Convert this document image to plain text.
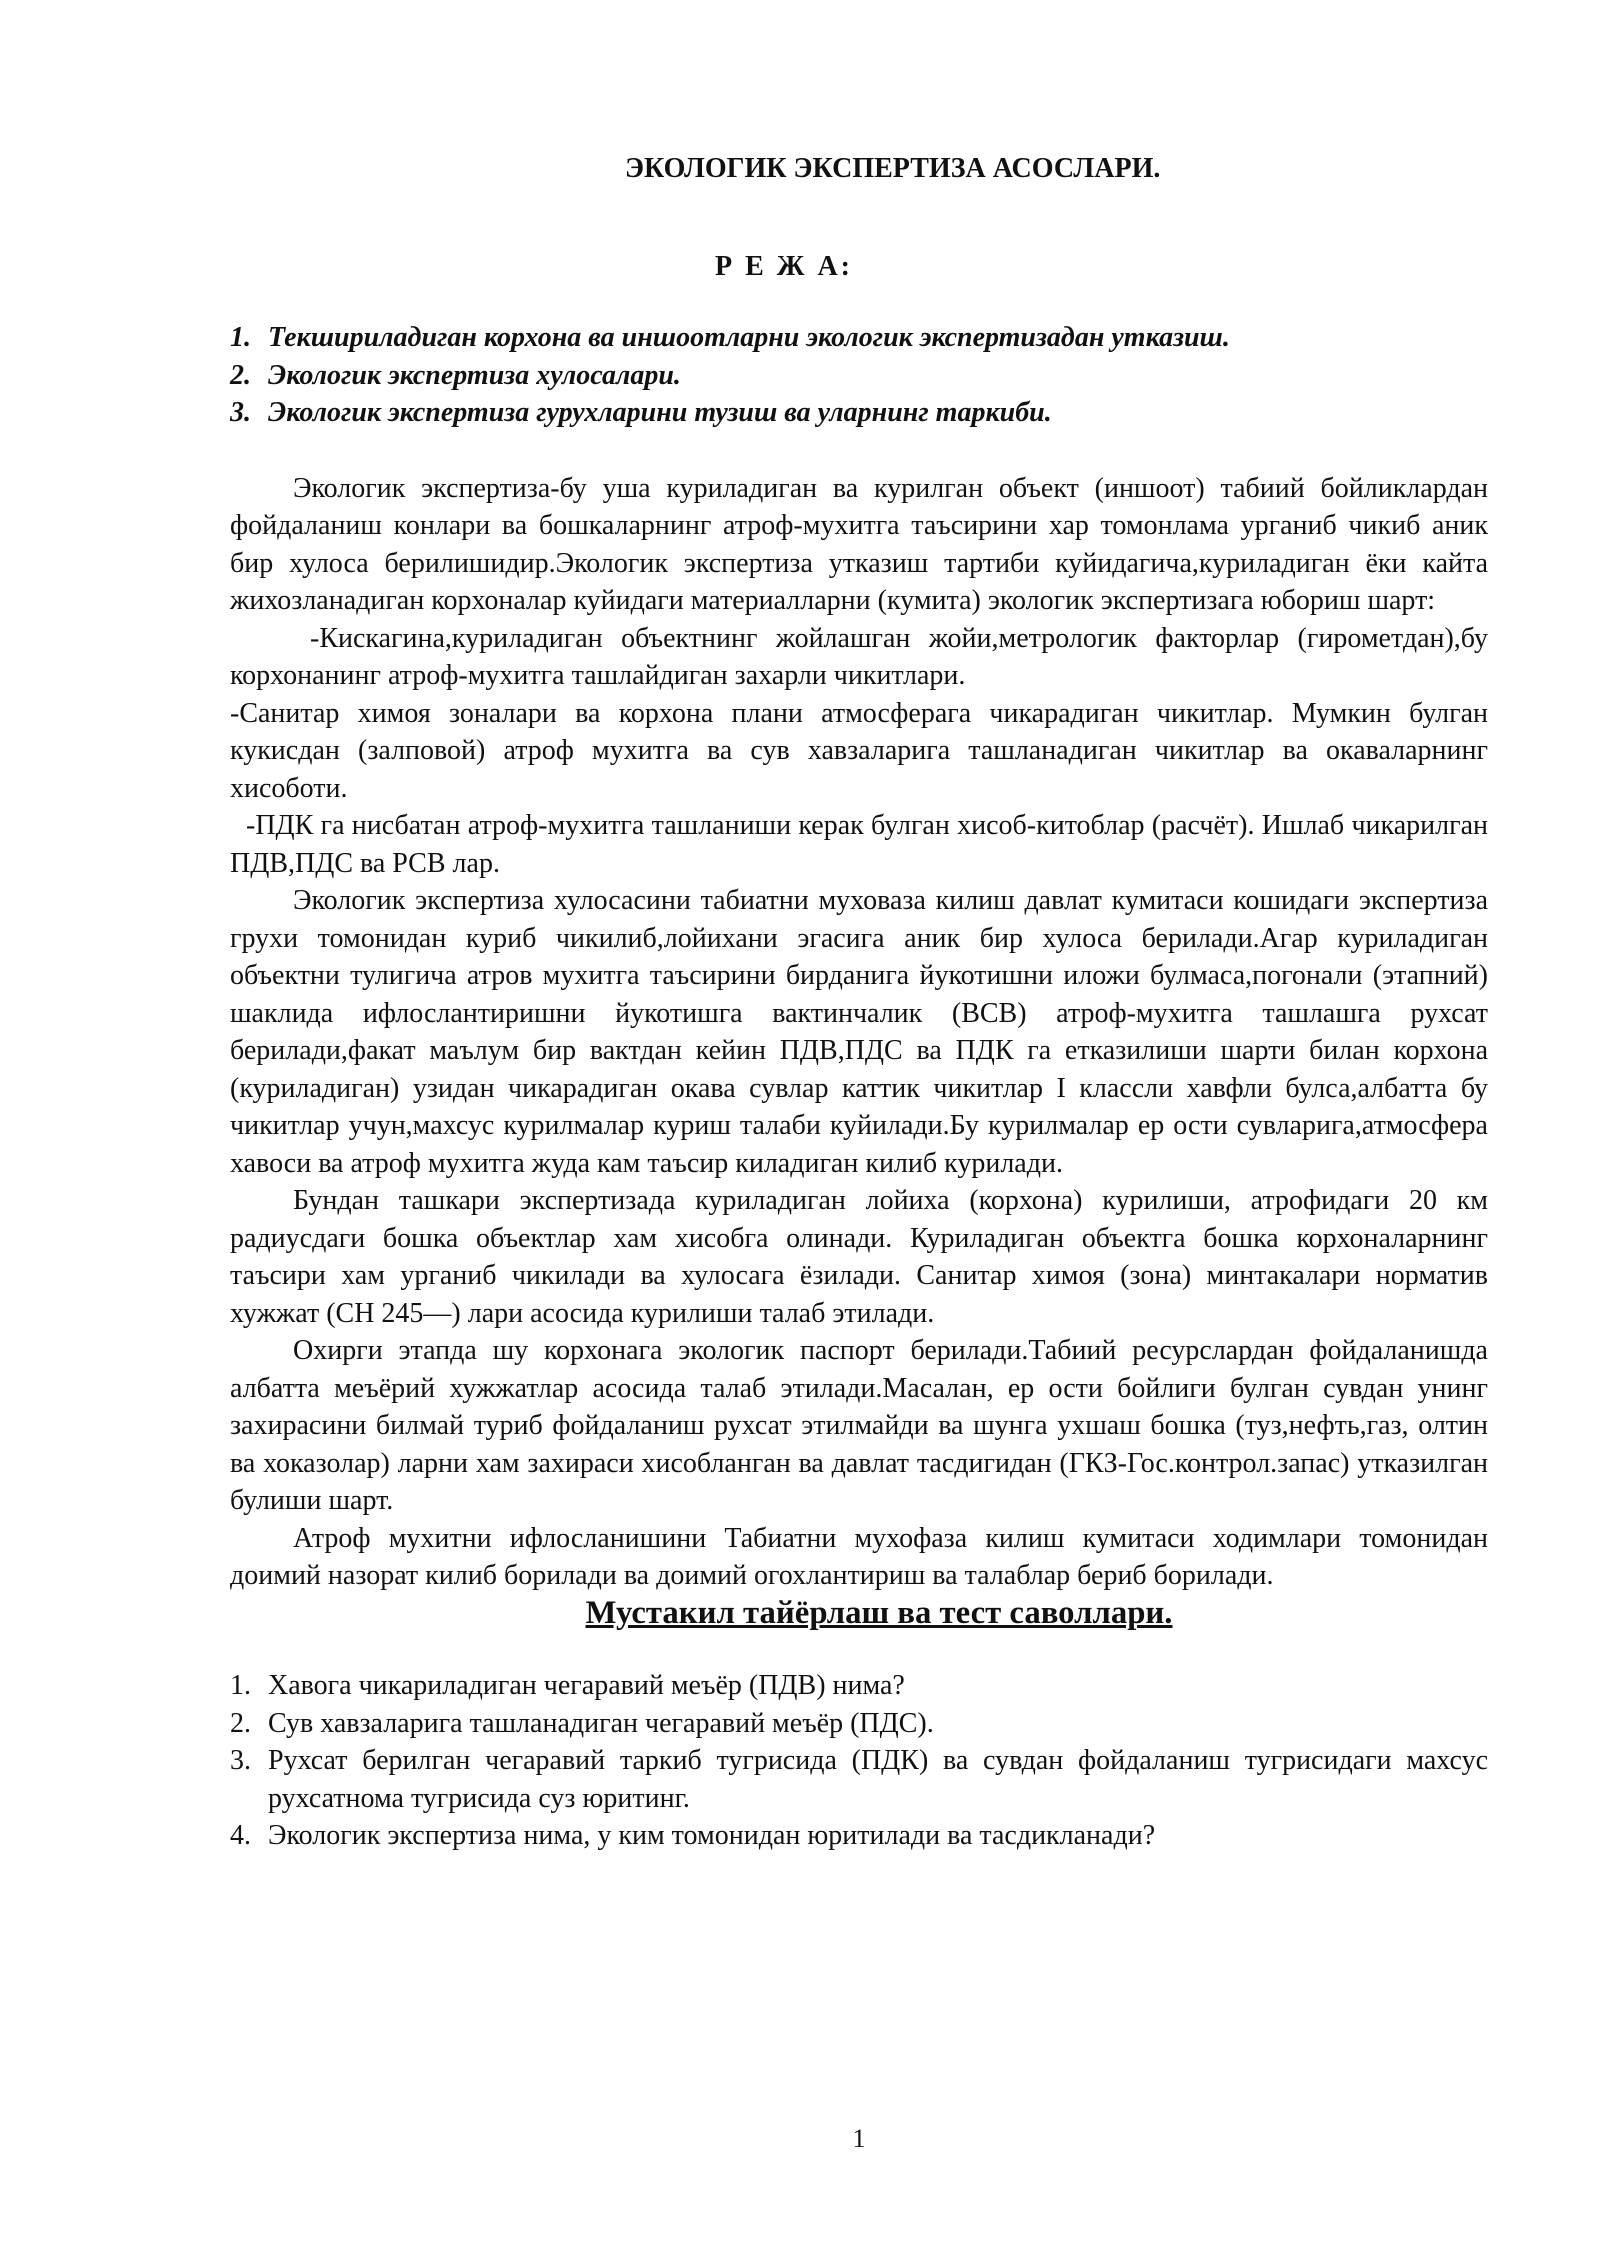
ЭКОЛОГИК ЭКСПЕРТИЗА АСОСЛАРИ.
Р Е Ж А:
1. Текшириладиган корхона ва иншоотларни экологик экспертизадан утказиш.
2. Экологик экспертиза хулосалари.
3. Экологик экспертиза гурухларини тузиш ва уларнинг таркиби.

Экологик экспертиза-бу уша куриладиган ва курилган объект (иншоот) табиий бойликлардан фойдаланиш конлари ва бошкаларнинг атроф-мухитга таъсирини хар томонлама урганиб чикиб аник бир хулоса берилишидир.Экологик экспертиза утказиш тартиби куйидагича,куриладиган ёки кайта жихозланадиган корхоналар куйидаги материалларни (кумита) экологик экспертизага юбориш шарт:

-Кискагина,куриладиган объектнинг жойлашган жойи,метрологик факторлар (гирометдан),бу корхонанинг атроф-мухитга ташлайдиган захарли чикитлари.

-Санитар химоя зоналари ва корхона плани атмосферага чикарадиган чикитлар. Мумкин булган кукисдан (залповой) атроф мухитга ва сув хавзаларига ташланадиган чикитлар ва окаваларнинг хисоботи.

-ПДК га нисбатан атроф-мухитга ташланиши керак булган хисоб-китоблар (расчёт). Ишлаб чикарилган ПДВ,ПДС ва РСВ лар.

Экологик экспертиза хулосасини табиатни муховаза килиш давлат кумитаси кошидаги экспертиза грухи томонидан куриб чикилиб,лойихани эгасига аник бир хулоса берилади.Агар куриладиган объектни тулигича атров мухитга таъсирини бирданига йукотишни иложи булмаса,погонали (этапний) шаклида ифлослантиришни йукотишга вактинчалик (ВСВ) атроф-мухитга ташлашга рухсат берилади,факат маълум бир вактдан кейин ПДВ,ПДС ва ПДК га етказилиши шарти билан корхона (куриладиган) узидан чикарадиган окава сувлар каттик чикитлар I классли хавфли булса,албатта бу чикитлар учун,махсус курилмалар куриш талаби куйилади.Бу курилмалар ер ости сувларига,атмосфера хавоси ва атроф мухитга жуда кам таъсир киладиган килиб курилади.

Бундан ташкари экспертизада куриладиган лойиха (корхона) курилиши, атрофидаги 20 км радиусдаги бошка объектлар хам хисобга олинади. Куриладиган объектга бошка корхоналарнинг таъсири хам урганиб чикилади ва хулосага ёзилади. Санитар химоя (зона) минтакалари норматив хужжат (СН 245—) лари асосида курилиши талаб этилади.

Охирги этапда шу корхонага экологик паспорт берилади.Табиий ресурслардан фойдаланишда албатта меъёрий хужжатлар асосида талаб этилади.Масалан, ер ости бойлиги булган сувдан унинг захирасини билмай туриб фойдаланиш рухсат этилмайди ва шунга ухшаш бошка (туз,нефть,газ, олтин ва хоказолар) ларни хам захираси хисобланган ва давлат тасдигидан (ГКЗ-Гос.контрол.запас) утказилган булиши шарт.

Атроф мухитни ифлосланишини Табиатни мухофаза килиш кумитаси ходимлари томонидан доимий назорат килиб борилади ва доимий огохлантириш ва талаблар бериб борилади.

Мустакил тайёрлаш ва тест саволлари.
1. Хавога чикариладиган чегаравий меъёр (ПДВ) нима?
2. Сув хавзаларига ташланадиган чегаравий меъёр (ПДС).
3. Рухсат берилган чегаравий таркиб тугрисида (ПДК) ва сувдан фойдаланиш тугрисидаги махсус рухсатнома тугрисида суз юритинг.
4. Экологик экспертиза нима, у ким томонидан юритилади ва тасдикланади?
1
